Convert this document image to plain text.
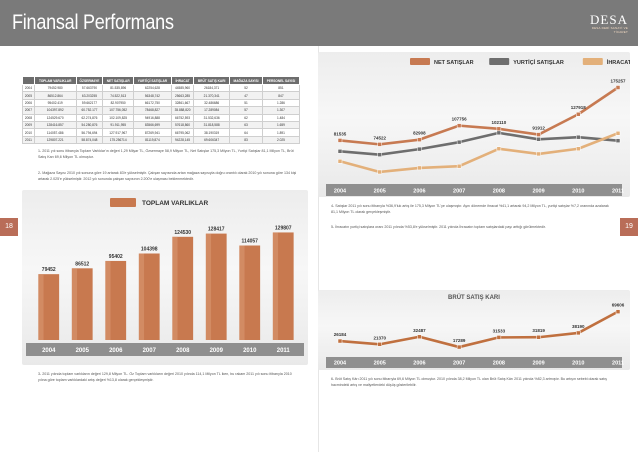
Finansal Performans	DESA
DESA DERİ SANAYİ VE TİCARET
18	19
	TOPLAM VARLIKLAR	ÖZSERMAYE	NET SATIŞLAR	YURTİÇİ SATIŞLAR	İHRACAT	BRÜT SATIŞ KARI	MAĞAZA SAYISI	PERSONEL SAYISI
2004	79452.980	57.663790	81.535,896	62254,628	44585,960	26184,371	52	851
2005	86512.864	63.203255	74.522,513	56348,742	25663,285	21.370,341	47	847
2006	95402.419	59.662177	82.907950	66172,750	32861,667	32.486686	51	1.286
2007	104397.892	60.752.177	107.756,052	78468,827	35.888,820	17.289084	57	1.307
2008	124529.670	62.274,876	102.109,825	94916,888	66752,593	31.532,636	62	1.484
2009	128416.857	54.280,876	91.911,955	83566,699	57618,860	31.818,588	63	1.659
2010	114057.486	56.794,694	127.917,967	87269,941	66795,062	38.190319	64	1.891
2011	129807.221	58.874,048	175.256714	81119,874	94228,145	69.606347	83	2.025

1- 2011 yılı sonu itibarıyla Toplam Varlıklar'ın değeri 1,29 Milyar TL, Özsermaye 58,9 Milyon TL, Net Satışlar 175,3 Milyon TL, Yurtiçi Satışlar 81,1 Milyon TL, Brüt Satış Karı 69,6 Milyon TL olmuştur.

2- Mağaza Sayısı 2010 yılı sonuna göre 19 artarak 83'e yükselmiştir. Çalışan sayısında artan mağaza sayısıyla doğru orantılı olarak 2010 yılı sonuna göre 134 kişi artarak 2.025'e yükselmiştir. 2012 yılı sonunda çalışan sayısının 2.200'e ulaşması beklenmektedir.

TOPLAM VARLIKLAR
79452
2004
86512
2005
95402
2006
104398
2007
124530
2008
128417
2009
114057
2010
129807
2011

3- 2011 yılında toplam varlıkların değeri 129,8 Milyon TL. Öz Toplam varlıkların değeri 2010 yılında 114,1 Milyon TL iken, bu rakam 2011 yılı sonu itibarıyla 2010 yılına göre toplam varlıklardaki artış değeri %13,8 olarak gerçekleşmiştir.

NET SATIŞLAR	YURTİÇİ SATIŞLAR	İHRACAT
2004	2005	2006	2007	2008	2009	2010	2011
81535
74522
82908
107756
102110
91912
127918
175257

4- Satışlar 2011 yılı sonu itibarıyla %36,9'luk artış ile 175,3 Milyon TL'ye ulaşmıştır. Aynı dönemde ihracat %41,1 artarak 94,2 Milyon TL, yurtiçi satışlar %7,2 oranında azalarak 81,1 Milyon TL olarak gerçekleşmiştir.

5- İhracatın yurtiçi satışlara oranı 2011 yılında %53,8'e yükselmiştir. 2011 yılında İhracatın toplam satışlardaki payı arttığı görülmektedir.

BRÜT SATIŞ KARI
2004	2005	2006	2007	2008	2009	2010	2011
26184
21370
32487
17289
31533	31819
38190
69606

6- Brüt Satış Kârı 2011 yılı sonu itibarıyla 69,6 Milyon TL olmuştur. 2010 yılında 38,2 Milyon TL olan Brüt Satış Kârı 2011 yılında %82,3 artmıştır. Bu artışın sebebi olarak satış hacmindeki artış ve maliyetlerdeki düşüş gösterilebilir.
